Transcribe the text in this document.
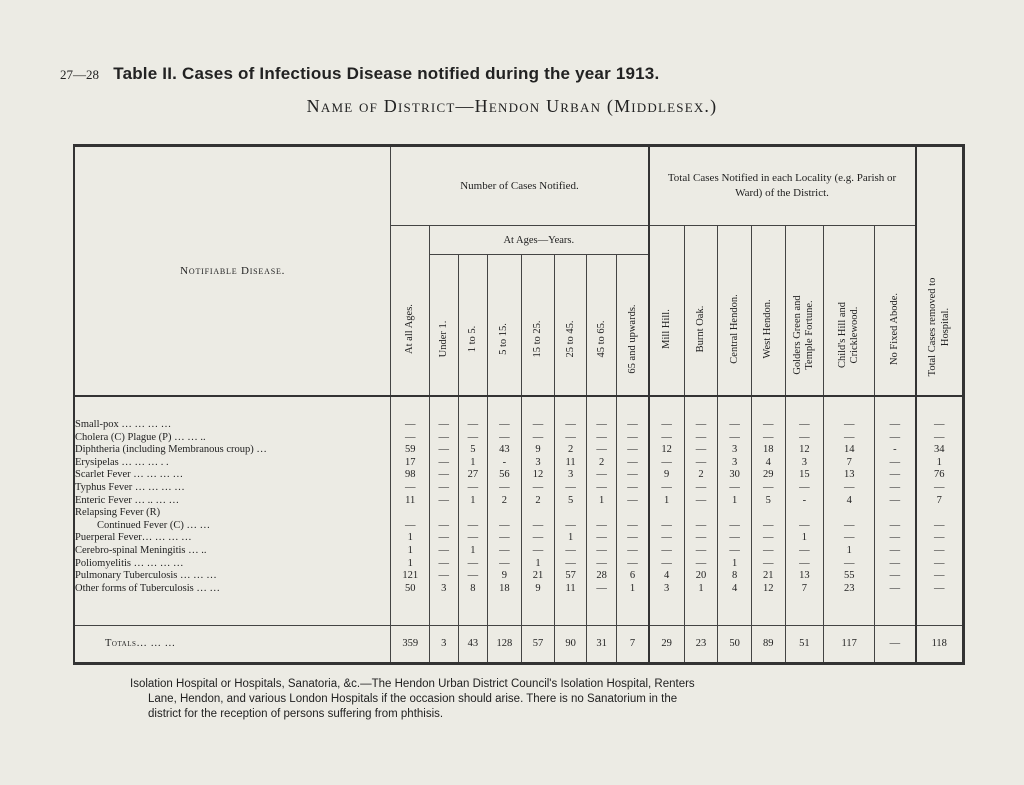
27—28 Table II. Cases of Infectious Disease notified during the year 1913.
Name of District—Hendon Urban (Middlesex.)
Notifiable Disease.	Number of Cases Notified.								Total Cases Notified in each Locality (e.g. Parish or Ward) of the District.							Total Cases removed to Hospital.

	At all Ages.	At Ages—Years.							Mill Hill.	Burnt Oak.	Central Hendon.	West Hendon.	Golders Green and Temple Fortune.	Child's Hill and Cricklewood.	No Fixed Abode.	

		Under 1.	1 to 5.	5 to 15.	15 to 25.	25 to 45.	45 to 65.	65 and upwards.								

Small-pox … … … …	—	—	—	—	—	—	—	—	—	—	—	—	—	—	—	—
Cholera (C) Plague (P) … … ..	—	—	—	—	—	—	—	—	—	—	—	—	—	—	—	—
Diphtheria (including Membranous croup) …	59	—	5	43	9	2	—	—	12	—	3	18	12	14	-	34
Erysipelas … … … . .	17	—	1	-	3	11	2	—	—	—	3	4	3	7	—	1
Scarlet Fever … … … …	98	—	27	56	12	3	—	—	9	2	30	29	15	13	—	76
Typhus Fever … … … …	—	—	—	—	—	—	—	—	—	—	—	—	—	—	—	—
Enteric Fever … .. … …	11	—	1	2	2	5	1	—	1	—	1	5	-	4	—	7
Relapsing Fever (R)																
Continued Fever (C) … …	—	—	—	—	—	—	—	—	—	—	—	—	—	—	—	—
Puerperal Fever… … … …	1	—	—	—	—	1	—	—	—	—	—	—	1	—	—	—
Cerebro-spinal Meningitis … ..	1	—	1	—	—	—	—	—	—	—	—	—	—	1	—	—
Poliomyelitis … … … …	1	—	—	—	1	—	—	—	—	—	1	—	—	—	—	—
Pulmonary Tuberculosis … … …	121	—	—	9	21	57	28	6	4	20	8	21	13	55	—	—
Other forms of Tuberculosis … …	50	3	8	18	9	11	—	1	3	1	4	12	7	23	—	—

Totals… … …	359	3	43	128	57	90	31	7	29	23	50	89	51	117	—	118

Isolation Hospital or Hospitals, Sanatoria, &c.—The Hendon Urban District Council's Isolation Hospital, Renters

Lane, Hendon, and various London Hospitals if the occasion should arise. There is no Sanatorium in the

district for the reception of persons suffering from phthisis.
